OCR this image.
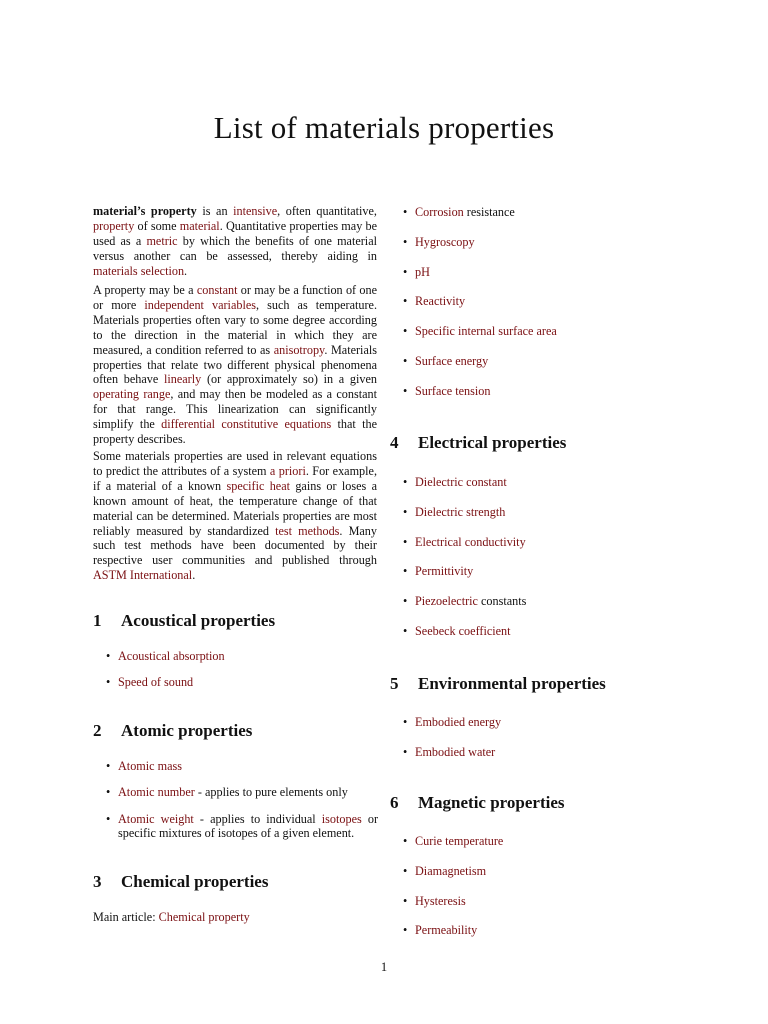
List of materials properties

material’s property is an intensive, often quantitative, property of some material. Quantitative properties may be used as a metric by which the benefits of one material versus another can be assessed, thereby aiding in materials selection.

A property may be a constant or may be a function of one or more independent variables, such as temperature. Materials properties often vary to some degree according to the direction in the material in which they are measured, a condition referred to as anisotropy. Materials properties that relate two different physical phenomena often behave linearly (or approximately so) in a given operating range, and may then be modeled as a constant for that range. This linearization can significantly simplify the differential constitutive equations that the property describes.

Some materials properties are used in relevant equations to predict the attributes of a system a priori. For example, if a material of a known specific heat gains or loses a known amount of heat, the temperature change of that material can be determined. Materials properties are most reliably measured by standardized test methods. Many such test methods have been documented by their respective user communities and published through ASTM International.

1 Acoustical properties
• Acoustical absorption
• Speed of sound
2 Atomic properties
• Atomic mass
• Atomic number - applies to pure elements only
• Atomic weight - applies to individual isotopes or specific mixtures of isotopes of a given element.
3 Chemical properties

Main article: Chemical property

• Corrosion resistance
• Hygroscopy
• pH
• Reactivity
• Specific internal surface area
• Surface energy
• Surface tension
4 Electrical properties
• Dielectric constant
• Dielectric strength
• Electrical conductivity
• Permittivity
• Piezoelectric constants
• Seebeck coefficient
5 Environmental properties
• Embodied energy
• Embodied water
6 Magnetic properties
• Curie temperature
• Diamagnetism
• Hysteresis
• Permeability
1
